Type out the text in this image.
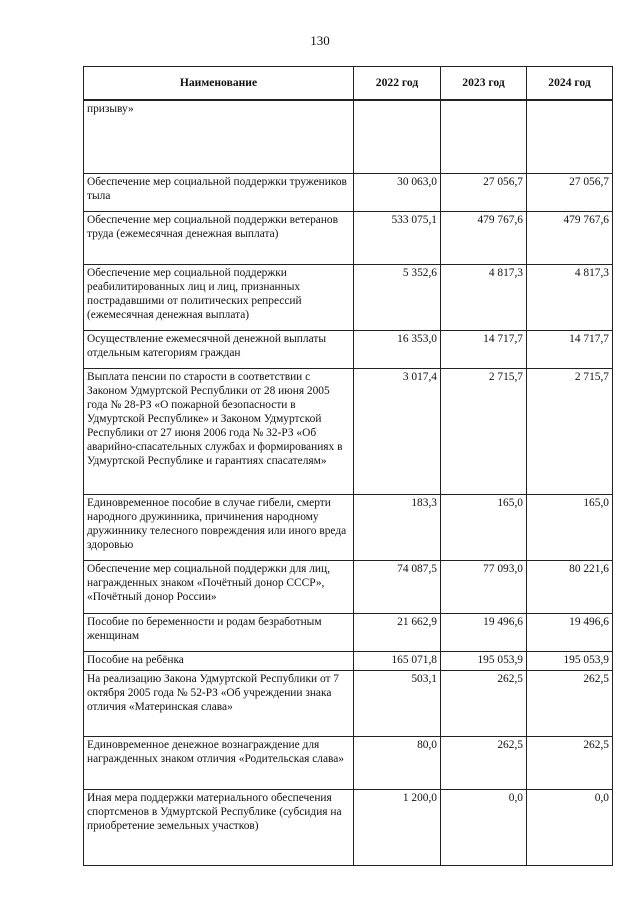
130
Наименование	2022 год	2023 год	2024 год
призыву»			
Обеспечение мер социальной поддержки тружеников тыла	30 063,0	27 056,7	27 056,7
Обеспечение мер социальной поддержки ветеранов труда (ежемесячная денежная выплата)	533 075,1	479 767,6	479 767,6
Обеспечение мер социальной поддержки реабилитированных лиц и лиц, признанных пострадавшими от политических репрессий (ежемесячная денежная выплата)	5 352,6	4 817,3	4 817,3
Осуществление ежемесячной денежной выплаты отдельным категориям граждан	16 353,0	14 717,7	14 717,7
Выплата пенсии по старости в соответствии с Законом Удмуртской Республики от 28 июня 2005 года № 28-РЗ «О пожарной безопасности в Удмуртской Республике» и Законом Удмуртской Республики от 27 июня 2006 года № 32-РЗ «Об аварийно-спасательных службах и формированиях в Удмуртской Республике и гарантиях спасателям»	3 017,4	2 715,7	2 715,7
Единовременное пособие в случае гибели, смерти народного дружинника, причинения народному дружиннику телесного повреждения или иного вреда здоровью	183,3	165,0	165,0
Обеспечение мер социальной поддержки для лиц, награжденных знаком «Почётный донор СССР», «Почётный донор России»	74 087,5	77 093,0	80 221,6
Пособие по беременности и родам безработным женщинам	21 662,9	19 496,6	19 496,6
Пособие на ребёнка	165 071,8	195 053,9	195 053,9
На реализацию Закона Удмуртской Республики от 7 октября 2005 года № 52-РЗ «Об учреждении знака отличия «Материнская слава»	503,1	262,5	262,5
Единовременное денежное вознаграждение для награжденных знаком отличия «Родительская слава»	80,0	262,5	262,5
Иная мера поддержки материального обеспечения спортсменов в Удмуртской Республике (субсидия на приобретение земельных участков)	1 200,0	0,0	0,0
